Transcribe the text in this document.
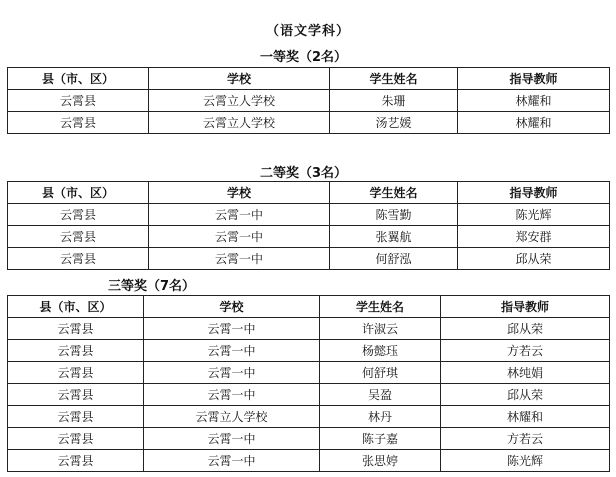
（语文学科）
一等奖（2名）
县（市、区）	学校	学生姓名	指导教师
云霄县	云霄立人学校	朱珊	林耀和
云霄县	云霄立人学校	汤艺媛	林耀和
二等奖（3名）
县（市、区）	学校	学生姓名	指导教师
云霄县	云霄一中	陈雪勤	陈光辉
云霄县	云霄一中	张翼航	郑安群
云霄县	云霄一中	何舒泓	邱从荣
三等奖（7名）
县（市、区）	学校	学生姓名	指导教师
云霄县	云霄一中	许淑云	邱从荣
云霄县	云霄一中	杨懿珏	方若云
云霄县	云霄一中	何舒琪	林纯娟
云霄县	云霄一中	吴盈	邱从荣
云霄县	云霄立人学校	林丹	林耀和
云霄县	云霄一中	陈子嘉	方若云
云霄县	云霄一中	张思婷	陈光辉
